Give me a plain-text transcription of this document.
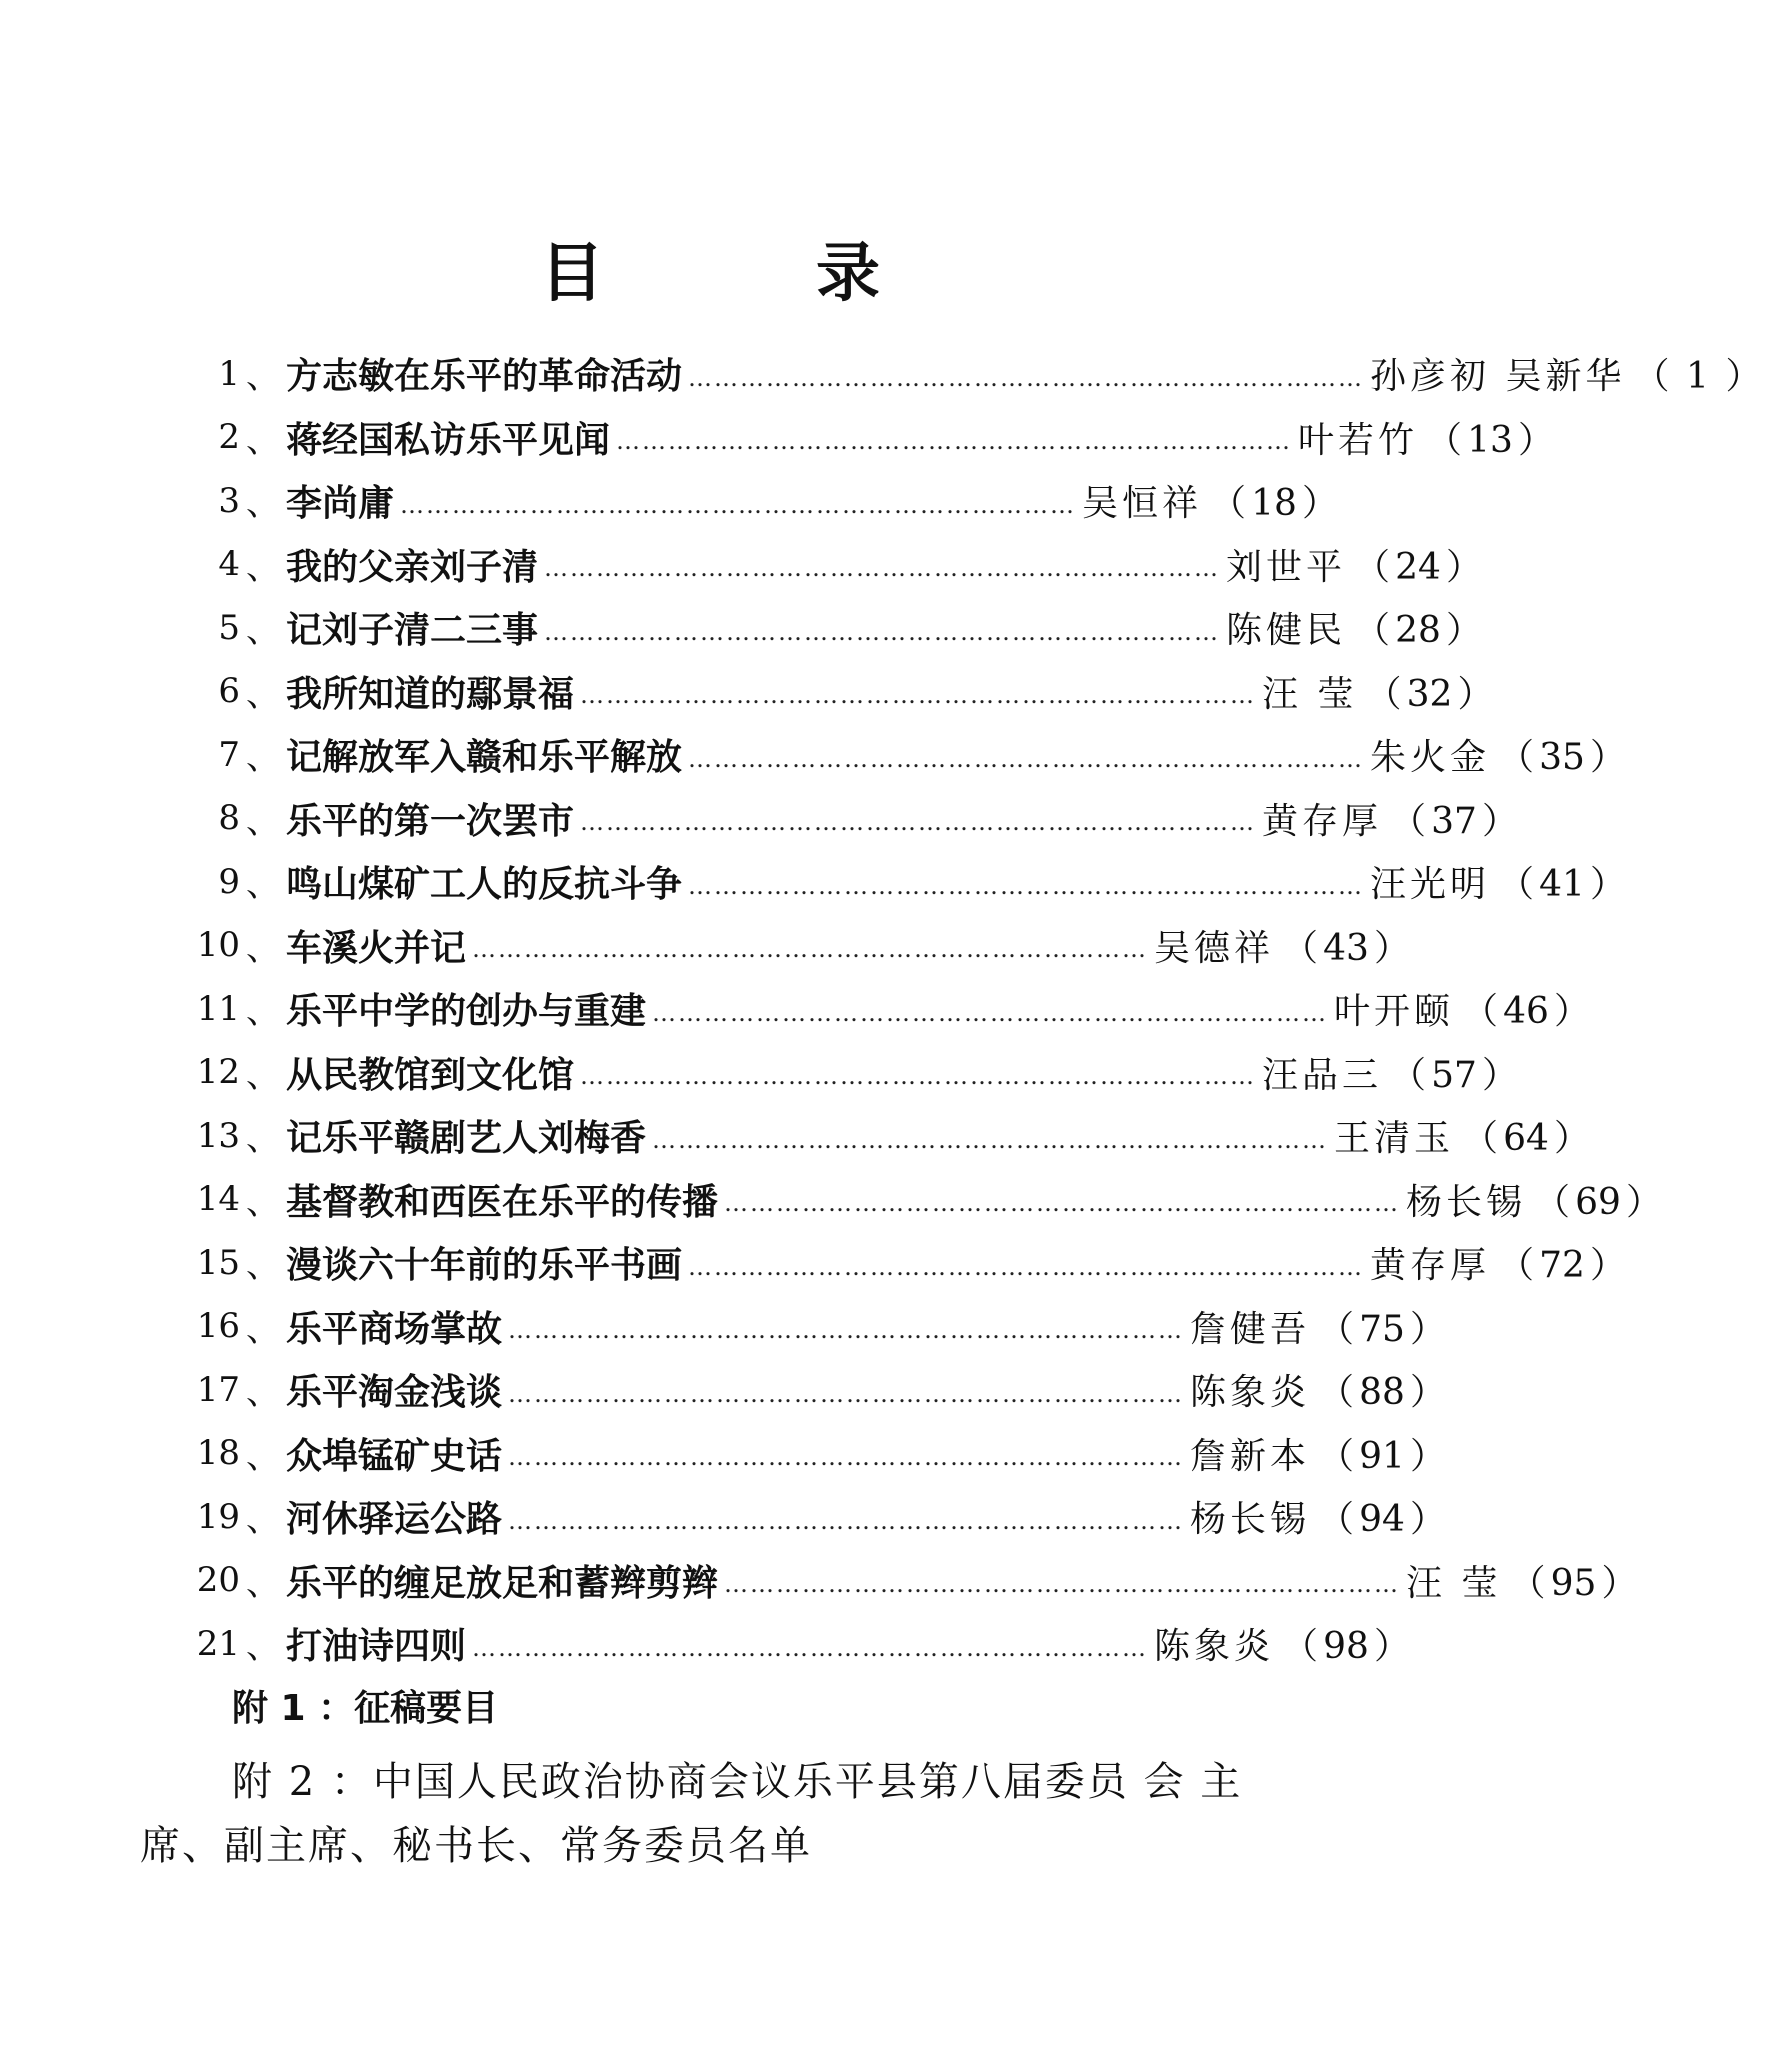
目	录
1 、 方志敏在乐平的革命活动 …………………………………………………………………… 孙彦初 吴新华 （ 1 ）
2 、 蒋经国私访乐平见闻 …………………………………………………………………… 叶若竹 （ 13 ）
3 、 李尚庸 …………………………………………………………………… 吴恒祥 （ 18 ）
4 、 我的父亲刘子清 …………………………………………………………………… 刘世平 （ 24 ）
5 、 记刘子清二三事 …………………………………………………………………… 陈健民 （ 28 ）
6 、 我所知道的鄢景福 …………………………………………………………………… 汪 莹 （ 32 ）
7 、 记解放军入赣和乐平解放 …………………………………………………………………… 朱火金 （ 35 ）
8 、 乐平的第一次罢市 …………………………………………………………………… 黄存厚 （ 37 ）
9 、 鸣山煤矿工人的反抗斗争 …………………………………………………………………… 汪光明 （ 41 ）
10 、 车溪火并记 …………………………………………………………………… 吴德祥 （ 43 ）
11 、 乐平中学的创办与重建 …………………………………………………………………… 叶开颐 （ 46 ）
12 、 从民教馆到文化馆 …………………………………………………………………… 汪品三 （ 57 ）
13 、 记乐平赣剧艺人刘梅香 …………………………………………………………………… 王清玉 （ 64 ）
14 、 基督教和西医在乐平的传播 …………………………………………………………………… 杨长锡 （ 69 ）
15 、 漫谈六十年前的乐平书画 …………………………………………………………………… 黄存厚 （ 72 ）
16 、 乐平商场掌故 …………………………………………………………………… 詹健吾 （ 75 ）
17 、 乐平淘金浅谈 …………………………………………………………………… 陈象炎 （ 88 ）
18 、 众埠锰矿史话 …………………………………………………………………… 詹新本 （ 91 ）
19 、 河休驿运公路 …………………………………………………………………… 杨长锡 （ 94 ）
20 、 乐平的缠足放足和蓄辫剪辫 …………………………………………………………………… 汪 莹 （ 95 ）
21 、 打油诗四则 …………………………………………………………………… 陈象炎 （ 98 ）
附 1 ：征稿要目
附 2 ：中国人民政治协商会议乐平县第八届委员 会 主席、副主席、秘书长、常务委员名单
